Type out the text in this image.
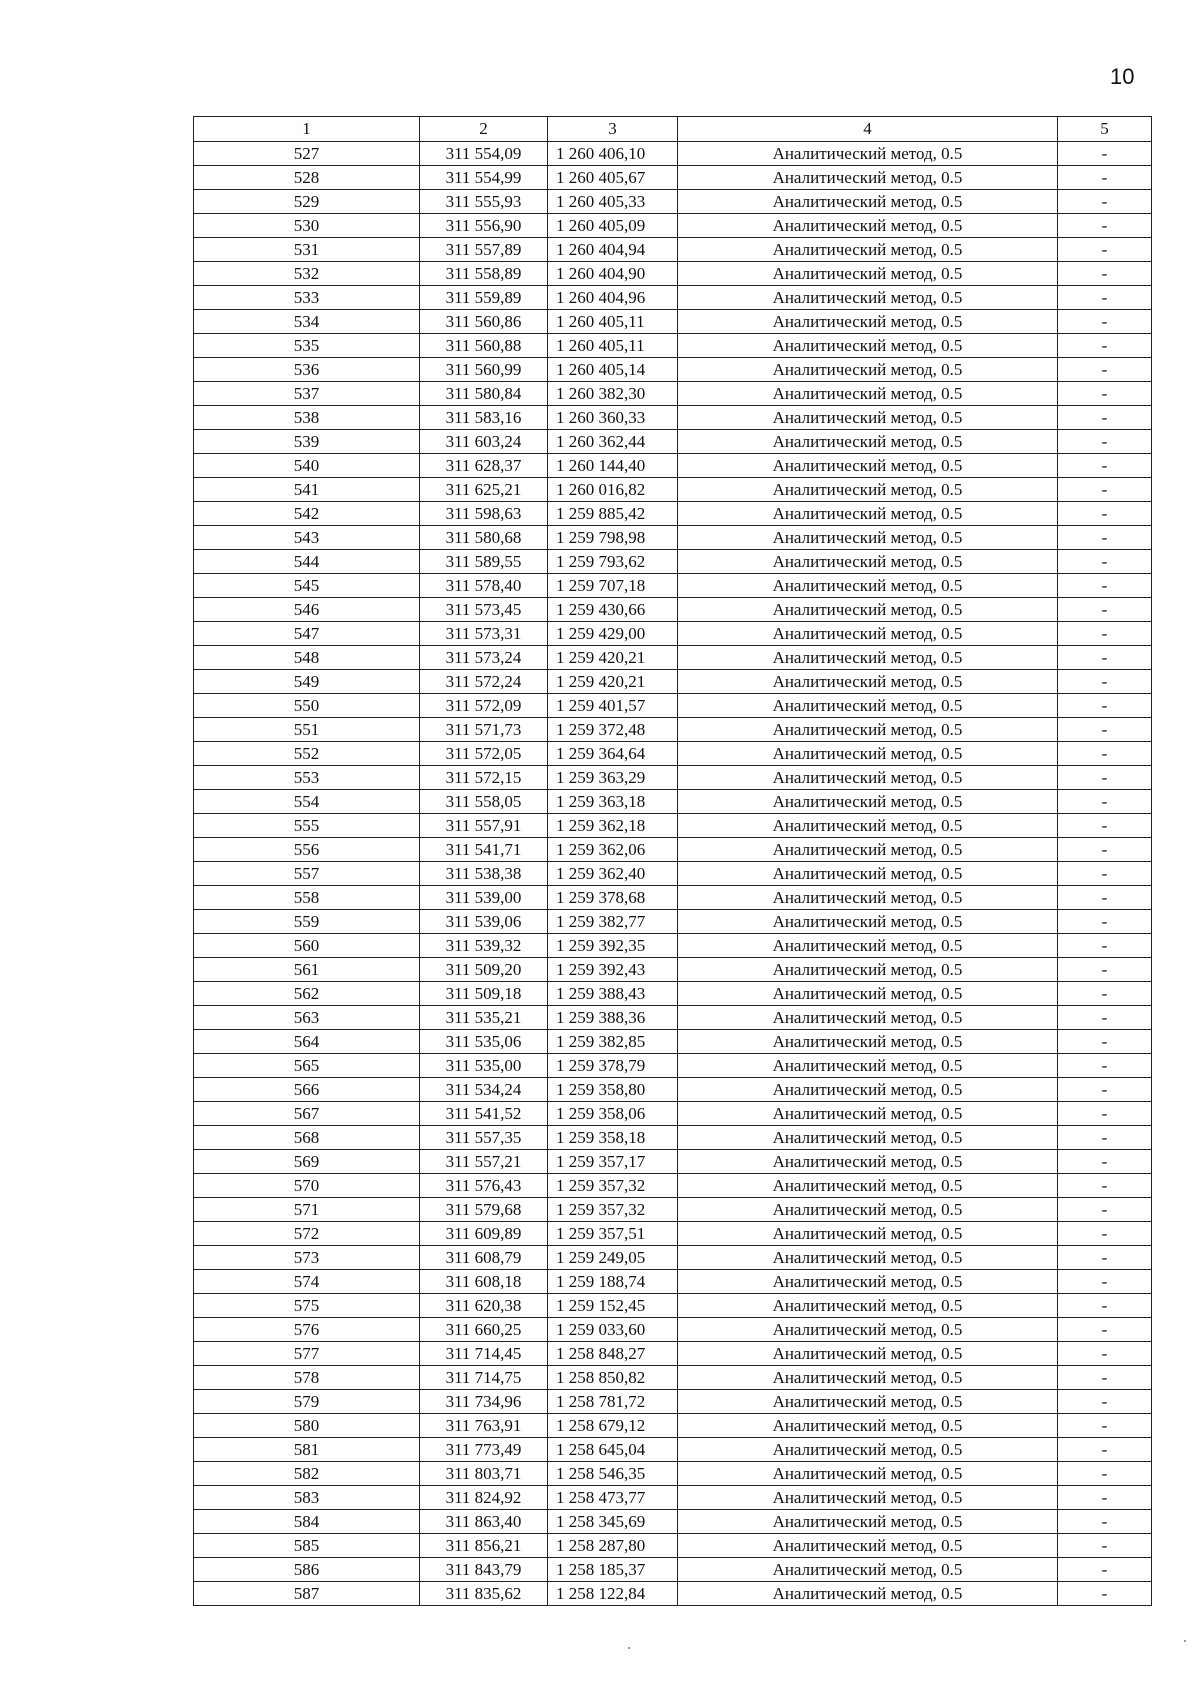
10
1	2	3	4	5
527	311 554,09	1 260 406,10	Аналитический метод, 0.5	-
528	311 554,99	1 260 405,67	Аналитический метод, 0.5	-
529	311 555,93	1 260 405,33	Аналитический метод, 0.5	-
530	311 556,90	1 260 405,09	Аналитический метод, 0.5	-
531	311 557,89	1 260 404,94	Аналитический метод, 0.5	-
532	311 558,89	1 260 404,90	Аналитический метод, 0.5	-
533	311 559,89	1 260 404,96	Аналитический метод, 0.5	-
534	311 560,86	1 260 405,11	Аналитический метод, 0.5	-
535	311 560,88	1 260 405,11	Аналитический метод, 0.5	-
536	311 560,99	1 260 405,14	Аналитический метод, 0.5	-
537	311 580,84	1 260 382,30	Аналитический метод, 0.5	-
538	311 583,16	1 260 360,33	Аналитический метод, 0.5	-
539	311 603,24	1 260 362,44	Аналитический метод, 0.5	-
540	311 628,37	1 260 144,40	Аналитический метод, 0.5	-
541	311 625,21	1 260 016,82	Аналитический метод, 0.5	-
542	311 598,63	1 259 885,42	Аналитический метод, 0.5	-
543	311 580,68	1 259 798,98	Аналитический метод, 0.5	-
544	311 589,55	1 259 793,62	Аналитический метод, 0.5	-
545	311 578,40	1 259 707,18	Аналитический метод, 0.5	-
546	311 573,45	1 259 430,66	Аналитический метод, 0.5	-
547	311 573,31	1 259 429,00	Аналитический метод, 0.5	-
548	311 573,24	1 259 420,21	Аналитический метод, 0.5	-
549	311 572,24	1 259 420,21	Аналитический метод, 0.5	-
550	311 572,09	1 259 401,57	Аналитический метод, 0.5	-
551	311 571,73	1 259 372,48	Аналитический метод, 0.5	-
552	311 572,05	1 259 364,64	Аналитический метод, 0.5	-
553	311 572,15	1 259 363,29	Аналитический метод, 0.5	-
554	311 558,05	1 259 363,18	Аналитический метод, 0.5	-
555	311 557,91	1 259 362,18	Аналитический метод, 0.5	-
556	311 541,71	1 259 362,06	Аналитический метод, 0.5	-
557	311 538,38	1 259 362,40	Аналитический метод, 0.5	-
558	311 539,00	1 259 378,68	Аналитический метод, 0.5	-
559	311 539,06	1 259 382,77	Аналитический метод, 0.5	-
560	311 539,32	1 259 392,35	Аналитический метод, 0.5	-
561	311 509,20	1 259 392,43	Аналитический метод, 0.5	-
562	311 509,18	1 259 388,43	Аналитический метод, 0.5	-
563	311 535,21	1 259 388,36	Аналитический метод, 0.5	-
564	311 535,06	1 259 382,85	Аналитический метод, 0.5	-
565	311 535,00	1 259 378,79	Аналитический метод, 0.5	-
566	311 534,24	1 259 358,80	Аналитический метод, 0.5	-
567	311 541,52	1 259 358,06	Аналитический метод, 0.5	-
568	311 557,35	1 259 358,18	Аналитический метод, 0.5	-
569	311 557,21	1 259 357,17	Аналитический метод, 0.5	-
570	311 576,43	1 259 357,32	Аналитический метод, 0.5	-
571	311 579,68	1 259 357,32	Аналитический метод, 0.5	-
572	311 609,89	1 259 357,51	Аналитический метод, 0.5	-
573	311 608,79	1 259 249,05	Аналитический метод, 0.5	-
574	311 608,18	1 259 188,74	Аналитический метод, 0.5	-
575	311 620,38	1 259 152,45	Аналитический метод, 0.5	-
576	311 660,25	1 259 033,60	Аналитический метод, 0.5	-
577	311 714,45	1 258 848,27	Аналитический метод, 0.5	-
578	311 714,75	1 258 850,82	Аналитический метод, 0.5	-
579	311 734,96	1 258 781,72	Аналитический метод, 0.5	-
580	311 763,91	1 258 679,12	Аналитический метод, 0.5	-
581	311 773,49	1 258 645,04	Аналитический метод, 0.5	-
582	311 803,71	1 258 546,35	Аналитический метод, 0.5	-
583	311 824,92	1 258 473,77	Аналитический метод, 0.5	-
584	311 863,40	1 258 345,69	Аналитический метод, 0.5	-
585	311 856,21	1 258 287,80	Аналитический метод, 0.5	-
586	311 843,79	1 258 185,37	Аналитический метод, 0.5	-
587	311 835,62	1 258 122,84	Аналитический метод, 0.5	-
